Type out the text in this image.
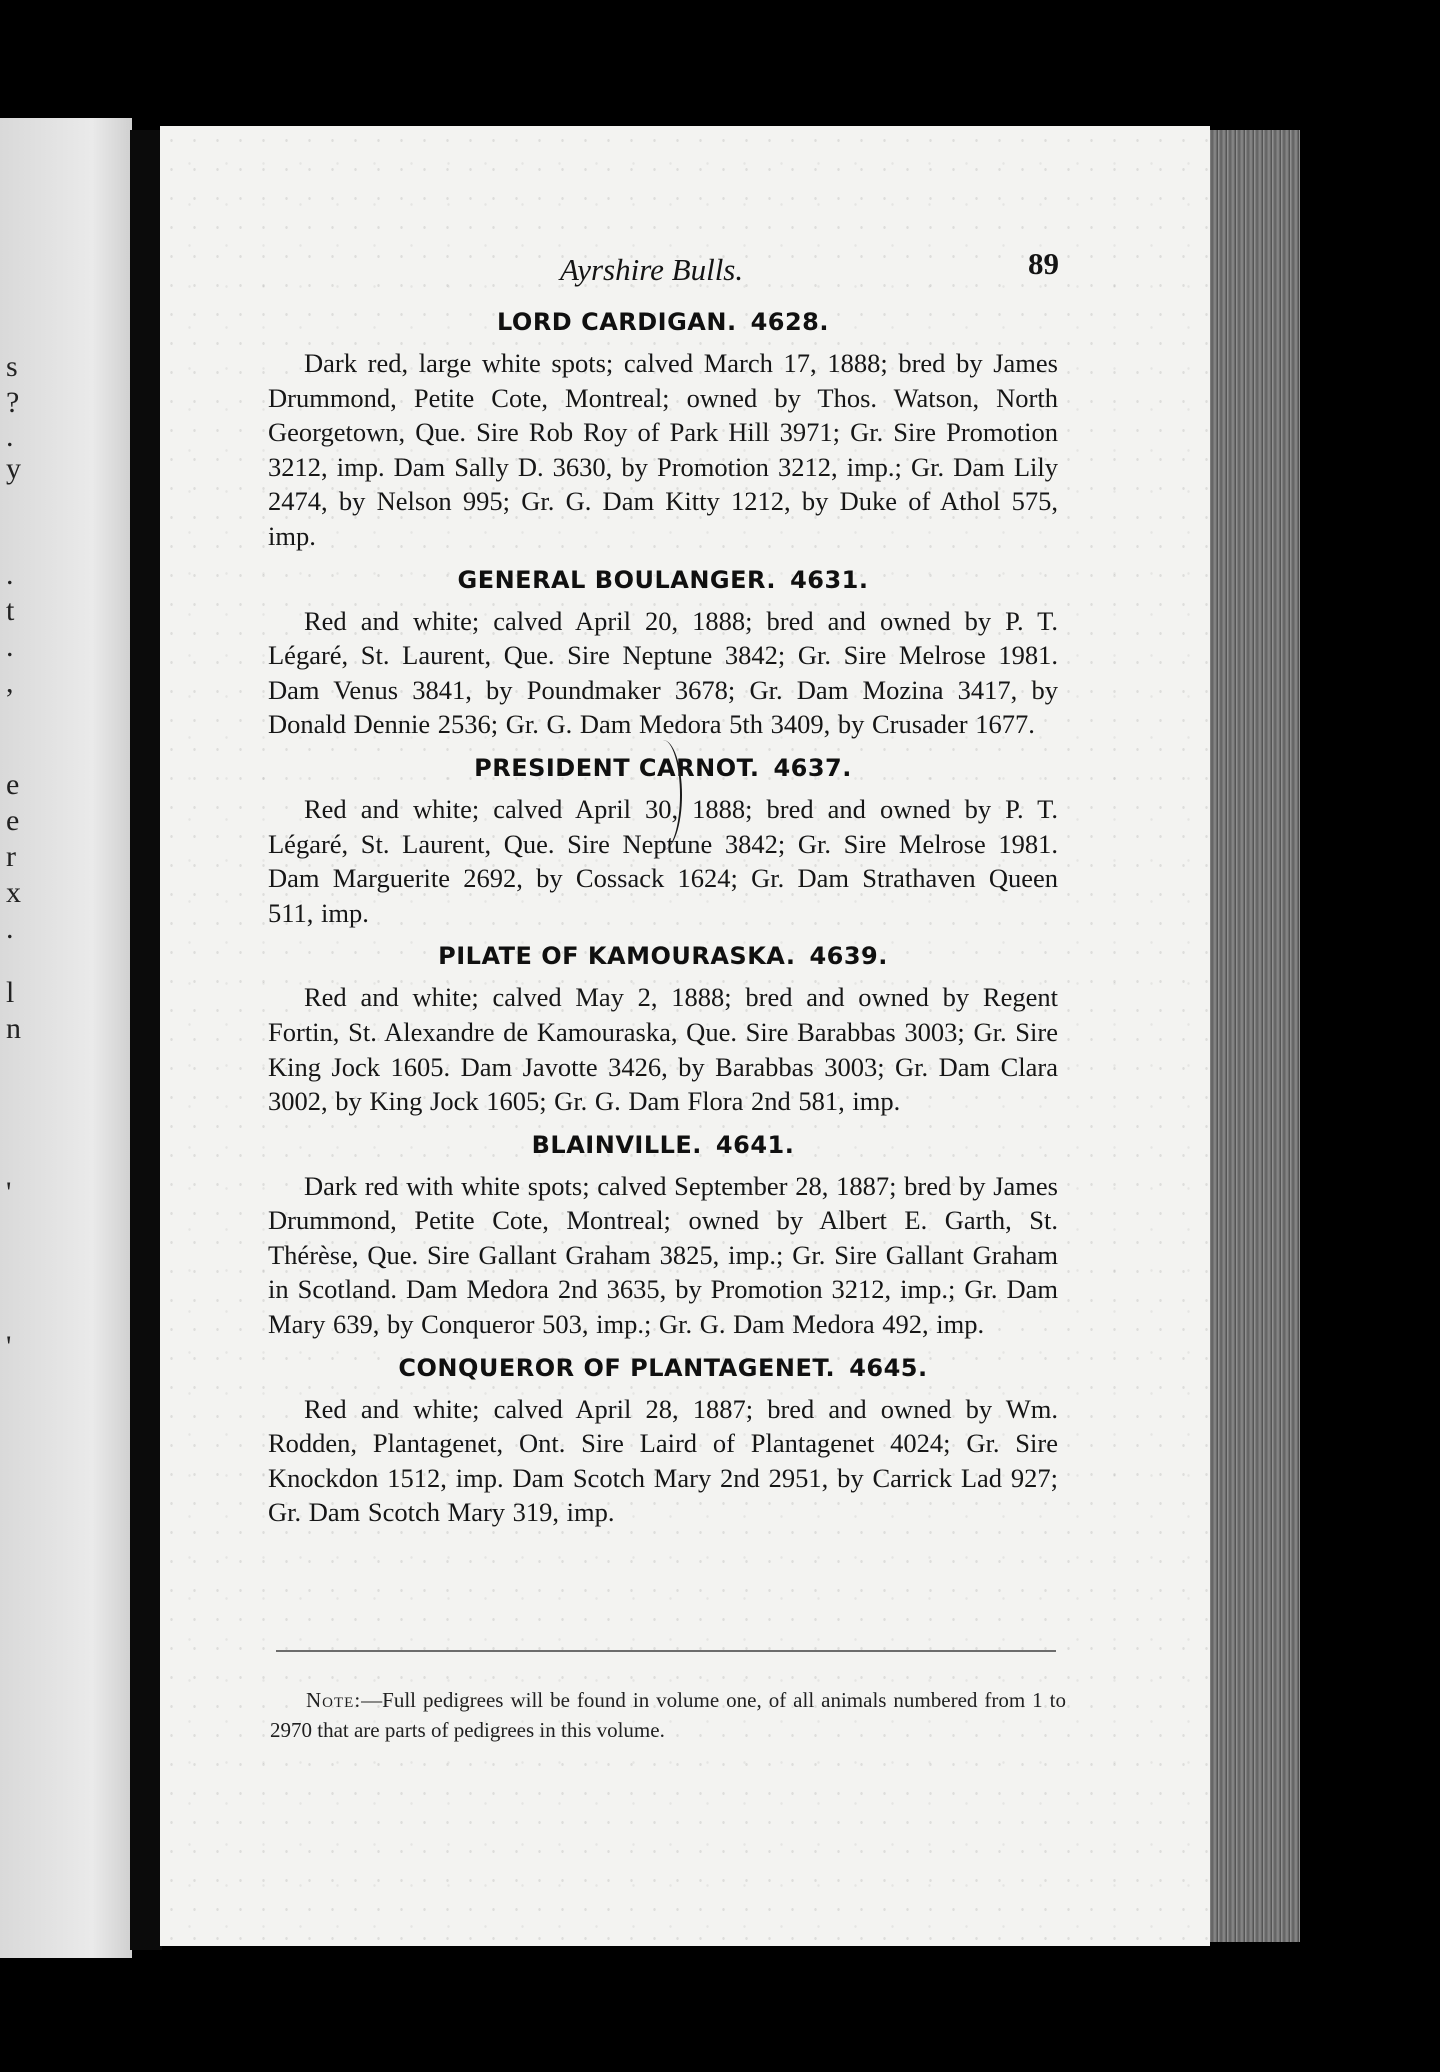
s
?
.
y
.
t
.
,
e
e
r
x
.
l
n
'
'
Ayrshire Bulls.	89
LORD CARDIGAN. 4628.

Dark red, large white spots; calved March 17, 1888; bred by James Drummond, Petite Cote, Montreal; owned by Thos. Watson, North Georgetown, Que. Sire Rob Roy of Park Hill 3971; Gr. Sire Promotion 3212, imp. Dam Sally D. 3630, by Promotion 3212, imp.; Gr. Dam Lily 2474, by Nelson 995; Gr. G. Dam Kitty 1212, by Duke of Athol 575, imp.

GENERAL BOULANGER. 4631.

Red and white; calved April 20, 1888; bred and owned by P. T. Légaré, St. Laurent, Que. Sire Neptune 3842; Gr. Sire Melrose 1981. Dam Venus 3841, by Poundmaker 3678; Gr. Dam Mozina 3417, by Donald Dennie 2536; Gr. G. Dam Medora 5th 3409, by Crusader 1677.

PRESIDENT CARNOT. 4637.

Red and white; calved April 30, 1888; bred and owned by P. T. Légaré, St. Laurent, Que. Sire Neptune 3842; Gr. Sire Melrose 1981. Dam Marguerite 2692, by Cossack 1624; Gr. Dam Strathaven Queen 511, imp.

PILATE OF KAMOURASKA. 4639.

Red and white; calved May 2, 1888; bred and owned by Regent Fortin, St. Alexandre de Kamouraska, Que. Sire Barabbas 3003; Gr. Sire King Jock 1605. Dam Javotte 3426, by Barabbas 3003; Gr. Dam Clara 3002, by King Jock 1605; Gr. G. Dam Flora 2nd 581, imp.

BLAINVILLE. 4641.

Dark red with white spots; calved September 28, 1887; bred by James Drummond, Petite Cote, Montreal; owned by Albert E. Garth, St. Thérèse, Que. Sire Gallant Graham 3825, imp.; Gr. Sire Gallant Graham in Scotland. Dam Medora 2nd 3635, by Promotion 3212, imp.; Gr. Dam Mary 639, by Conqueror 503, imp.; Gr. G. Dam Medora 492, imp.

CONQUEROR OF PLANTAGENET. 4645.

Red and white; calved April 28, 1887; bred and owned by Wm. Rodden, Plantagenet, Ont. Sire Laird of Plantagenet 4024; Gr. Sire Knockdon 1512, imp. Dam Scotch Mary 2nd 2951, by Carrick Lad 927; Gr. Dam Scotch Mary 319, imp.

Note:—Full pedigrees will be found in volume one, of all animals numbered from 1 to 2970 that are parts of pedigrees in this volume.
